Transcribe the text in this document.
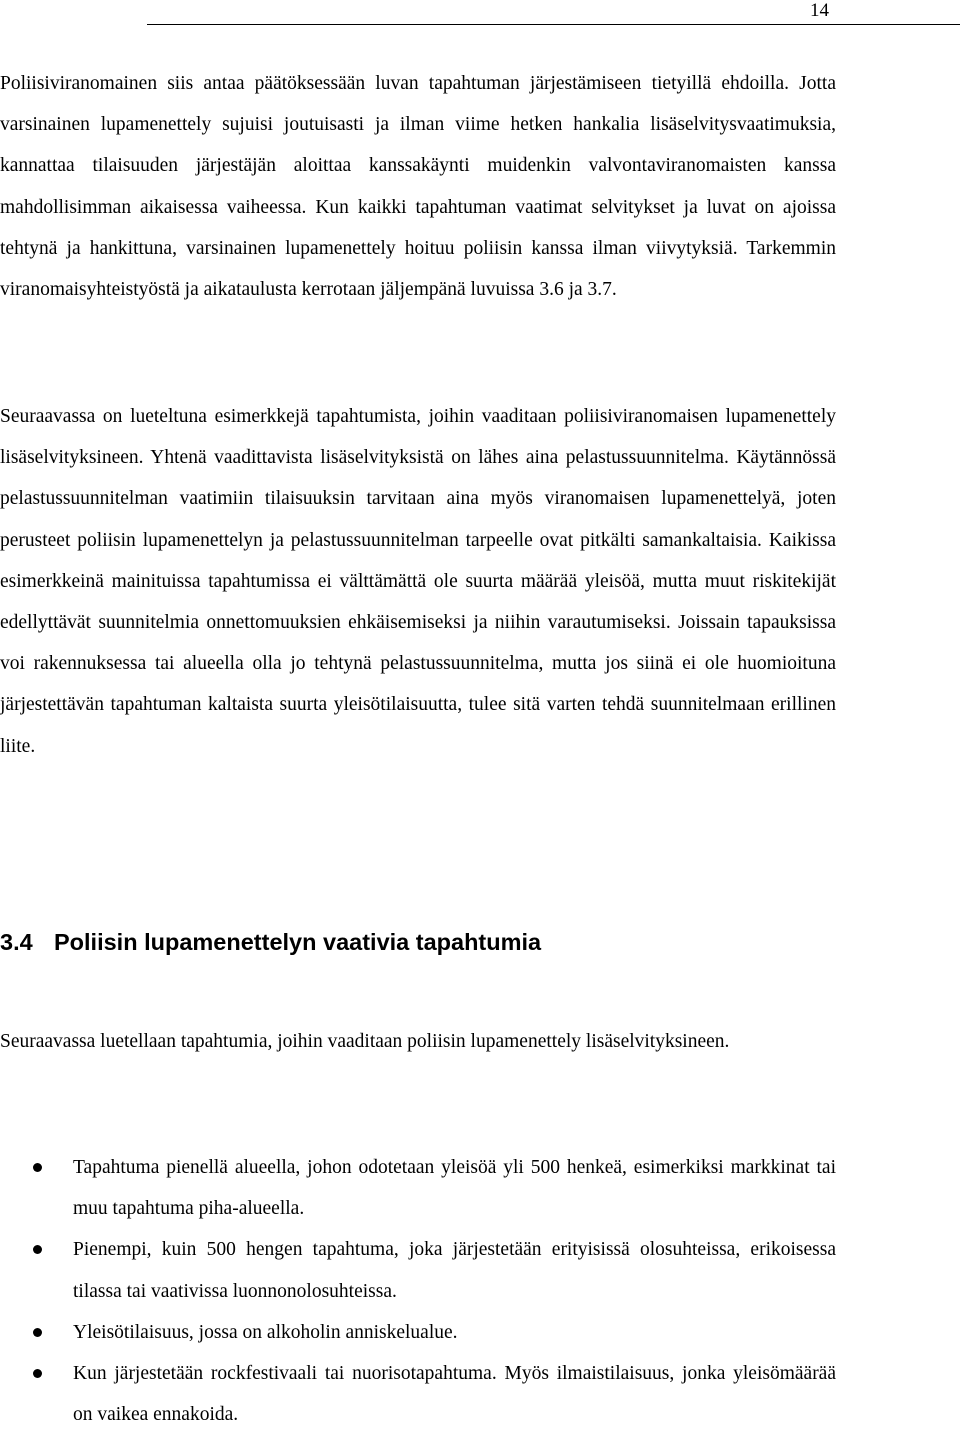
14

Poliisiviranomainen siis antaa päätöksessään luvan tapahtuman järjestämiseen tietyillä ehdoilla. Jotta varsinainen lupamenettely sujuisi joutuisasti ja ilman viime hetken hankalia lisäselvitysvaatimuksia, kannattaa tilaisuuden järjestäjän aloittaa kanssakäynti muidenkin valvontaviranomaisten kanssa mahdollisimman aikaisessa vaiheessa. Kun kaikki tapahtuman vaatimat selvitykset ja luvat on ajoissa tehtynä ja hankittuna, varsinainen lupamenettely hoituu poliisin kanssa ilman viivytyksiä. Tarkemmin viranomaisyhteistyöstä ja aikataulusta kerrotaan jäljempänä luvuissa 3.6 ja 3.7.

Seuraavassa on lueteltuna esimerkkejä tapahtumista, joihin vaaditaan poliisiviranomaisen lupamenettely lisäselvityksineen. Yhtenä vaadittavista lisäselvityksistä on lähes aina pelastussuunnitelma. Käytännössä pelastussuunnitelman vaatimiin tilaisuuksin tarvitaan aina myös viranomaisen lupamenettelyä, joten perusteet poliisin lupamenettelyn ja pelastussuunnitelman tarpeelle ovat pitkälti samankaltaisia. Kaikissa esimerkkeinä mainituissa tapahtumissa ei välttämättä ole suurta määrää yleisöä, mutta muut riskitekijät edellyttävät suunnitelmia onnettomuuksien ehkäisemiseksi ja niihin varautumiseksi. Joissain tapauksissa voi rakennuksessa tai alueella olla jo tehtynä pelastussuunnitelma, mutta jos siinä ei ole huomioituna järjestettävän tapahtuman kaltaista suurta yleisötilaisuutta, tulee sitä varten tehdä suunnitelmaan erillinen liite.

3.4 Poliisin lupamenettelyn vaativia tapahtumia

Seuraavassa luetellaan tapahtumia, joihin vaaditaan poliisin lupamenettely lisäselvityksineen.

Tapahtuma pienellä alueella, johon odotetaan yleisöä yli 500 henkeä, esimerkiksi markkinat tai muu tapahtuma piha-alueella.
Pienempi, kuin 500 hengen tapahtuma, joka järjestetään erityisissä olosuhteissa, erikoisessa tilassa tai vaativissa luonnonolosuhteissa.
Yleisötilaisuus, jossa on alkoholin anniskelualue.
Kun järjestetään rockfestivaali tai nuorisotapahtuma. Myös ilmaistilaisuus, jonka yleisömäärää on vaikea ennakoida.
